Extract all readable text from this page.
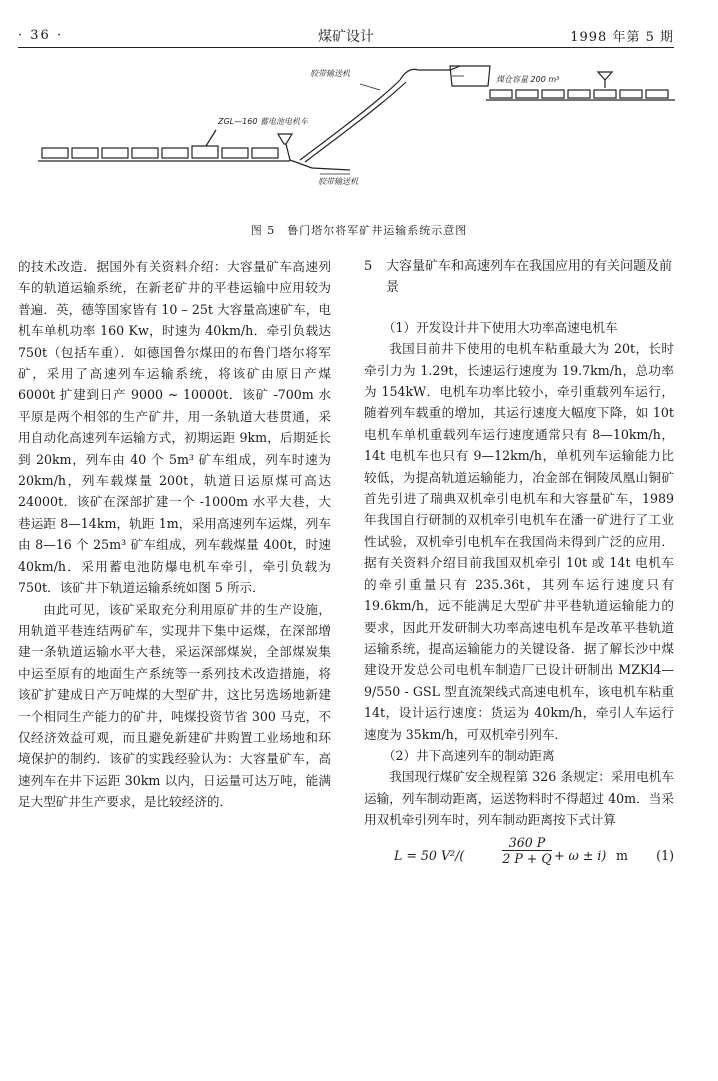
· 36 ·	煤矿设计	1998 年第 5 期
胶带输送机
ZGL—160 蓄电池电机车
胶带输送机
煤仓容量 200 m³
图 5　鲁门塔尔将军矿井运输系统示意图

的技术改造．据国外有关资料介绍：大容量矿车高速列车的轨道运输系统，在新老矿井的平巷运输中应用较为普遍．英，德等国家皆有 10 – 25t 大容量高速矿车，电机车单机功率 160 Kw，时速为 40km/h．牵引负载达 750t（包括车重）．如德国鲁尔煤田的布鲁门塔尔将军矿，采用了高速列车运输系统，将该矿由原日产煤 6000t 扩建到日产 9000 ~ 10000t．该矿 -700m 水平原是两个相邻的生产矿井，用一条轨道大巷贯通，采用自动化高速列车运输方式，初期运距 9km，后期延长到 20km，列车由 40 个 5m³ 矿车组成，列车时速为 20km/h，列车载煤量 200t，轨道日运原煤可高达 24000t．该矿在深部扩建一个 -1000m 水平大巷，大巷运距 8—14km，轨距 1m，采用高速列车运煤，列车由 8—16 个 25m³ 矿车组成，列车载煤量 400t，时速 40km/h．采用蓄电池防爆电机车牵引，牵引负载为 750t．该矿井下轨道运输系统如图 5 所示．

由此可见，该矿采取充分利用原矿井的生产设施，用轨道平巷连结两矿车，实现井下集中运煤，在深部增建一条轨道运输水平大巷，采运深部煤炭，全部煤炭集中运至原有的地面生产系统等一系列技术改造措施，将该矿扩建成日产万吨煤的大型矿井，这比另选场地新建一个相同生产能力的矿井，吨煤投资节省 300 马克，不仅经济效益可观，而且避免新建矿井购置工业场地和环境保护的制约．该矿的实践经验认为：大容量矿车，高速列车在井下运距 30km 以内，日运量可达万吨，能满足大型矿井生产要求，是比较经济的．

5	大容量矿车和高速列车在我国应用的有关问题及前景

（1）开发设计井下使用大功率高速电机车

我国目前井下使用的电机车粘重最大为 20t，长时牵引力为 1.29t，长速运行速度为 19.7km/h，总功率为 154kW．电机车功率比较小，牵引重载列车运行，随着列车载重的增加，其运行速度大幅度下降，如 10t 电机车单机重载列车运行速度通常只有 8—10km/h，14t 电机车也只有 9—12km/h，单机列车运输能力比较低，为提高轨道运输能力，冶金部在铜陵凤凰山铜矿首先引进了瑞典双机牵引电机车和大容量矿车，1989 年我国自行研制的双机牵引电机车在潘一矿进行了工业性试验，双机牵引电机车在我国尚未得到广泛的应用．据有关资料介绍目前我国双机牵引 10t 或 14t 电机车的牵引重量只有 235.36t，其列车运行速度只有 19.6km/h，远不能满足大型矿井平巷轨道运输能力的要求，因此开发研制大功率高速电机车是改革平巷轨道运输系统，提高运输能力的关键设备．据了解长沙中煤建设开发总公司电机车制造厂已设计研制出 MZKl4—9/550 - GSL 型直流架线式高速电机车，该电机车粘重 14t，设计运行速度：货运为 40km/h，牵引人车运行速度为 35km/h，可双机牵引列车．

（2）井下高速列车的制动距离

我国现行煤矿安全规程第 326 条规定：采用电机车运输，列车制动距离，运送物料时不得超过 40m．当采用双机牵引列车时，列车制动距离按下式计算

L = 50 V²/(	$\frac{360 P}{2 P + Q} + \omega \pm i$) m (1)
